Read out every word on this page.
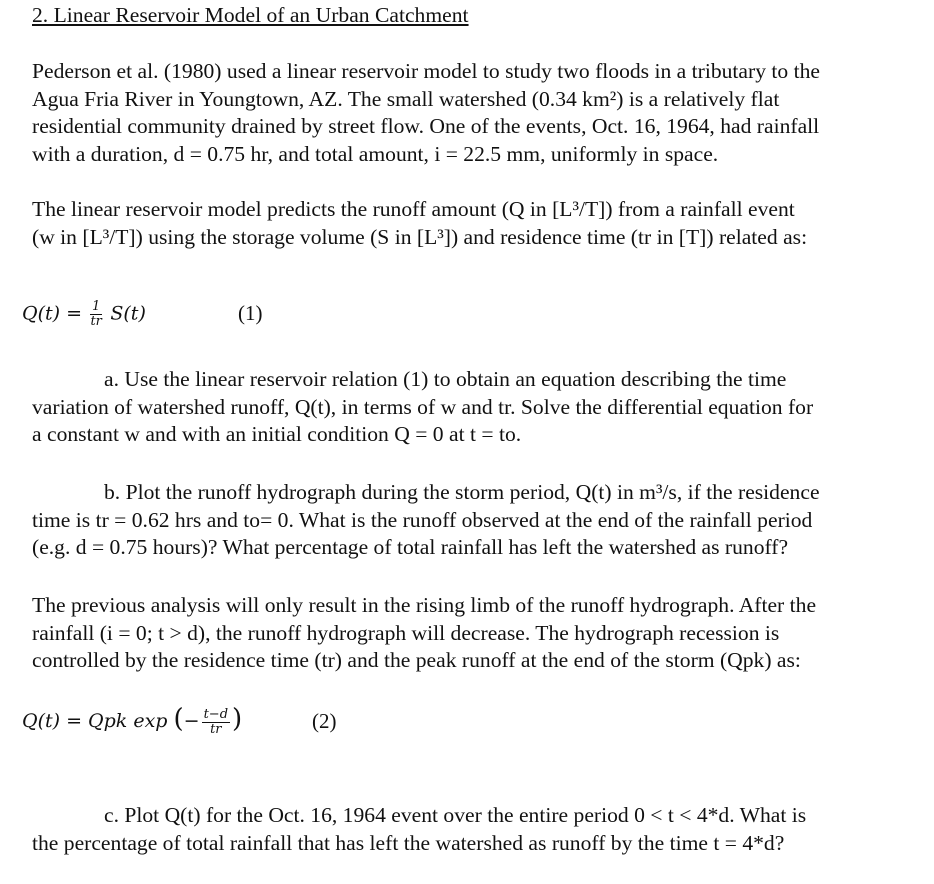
2. Linear Reservoir Model of an Urban Catchment
Pederson et al. (1980) used a linear reservoir model to study two floods in a tributary to the
Agua Fria River in Youngtown, AZ. The small watershed (0.34 km²) is a relatively flat
residential community drained by street flow. One of the events, Oct. 16, 1964, had rainfall
with a duration, d = 0.75 hr, and total amount, i = 22.5 mm, uniformly in space.
The linear reservoir model predicts the runoff amount (Q in [L³/T]) from a rainfall event
(w in [L³/T]) using the storage volume (S in [L³]) and residence time (tr in [T]) related as:
$Q(t) = \frac{1}{tr} S(t)$	(1)
a. Use the linear reservoir relation (1) to obtain an equation describing the time
variation of watershed runoff, Q(t), in terms of w and tr. Solve the differential equation for
a constant w and with an initial condition Q = 0 at t = to.
b. Plot the runoff hydrograph during the storm period, Q(t) in m³/s, if the residence
time is tr = 0.62 hrs and to= 0. What is the runoff observed at the end of the rainfall period
(e.g. d = 0.75 hours)? What percentage of total rainfall has left the watershed as runoff?
The previous analysis will only result in the rising limb of the runoff hydrograph. After the
rainfall (i = 0; t > d), the runoff hydrograph will decrease. The hydrograph recession is
controlled by the residence time (tr) and the peak runoff at the end of the storm (Qpk) as:
Q(t) = Qpk exp (− $\frac{t-d}{tr}$ )	(2)
c. Plot Q(t) for the Oct. 16, 1964 event over the entire period 0 < t < 4*d. What is
the percentage of total rainfall that has left the watershed as runoff by the time t = 4*d?
